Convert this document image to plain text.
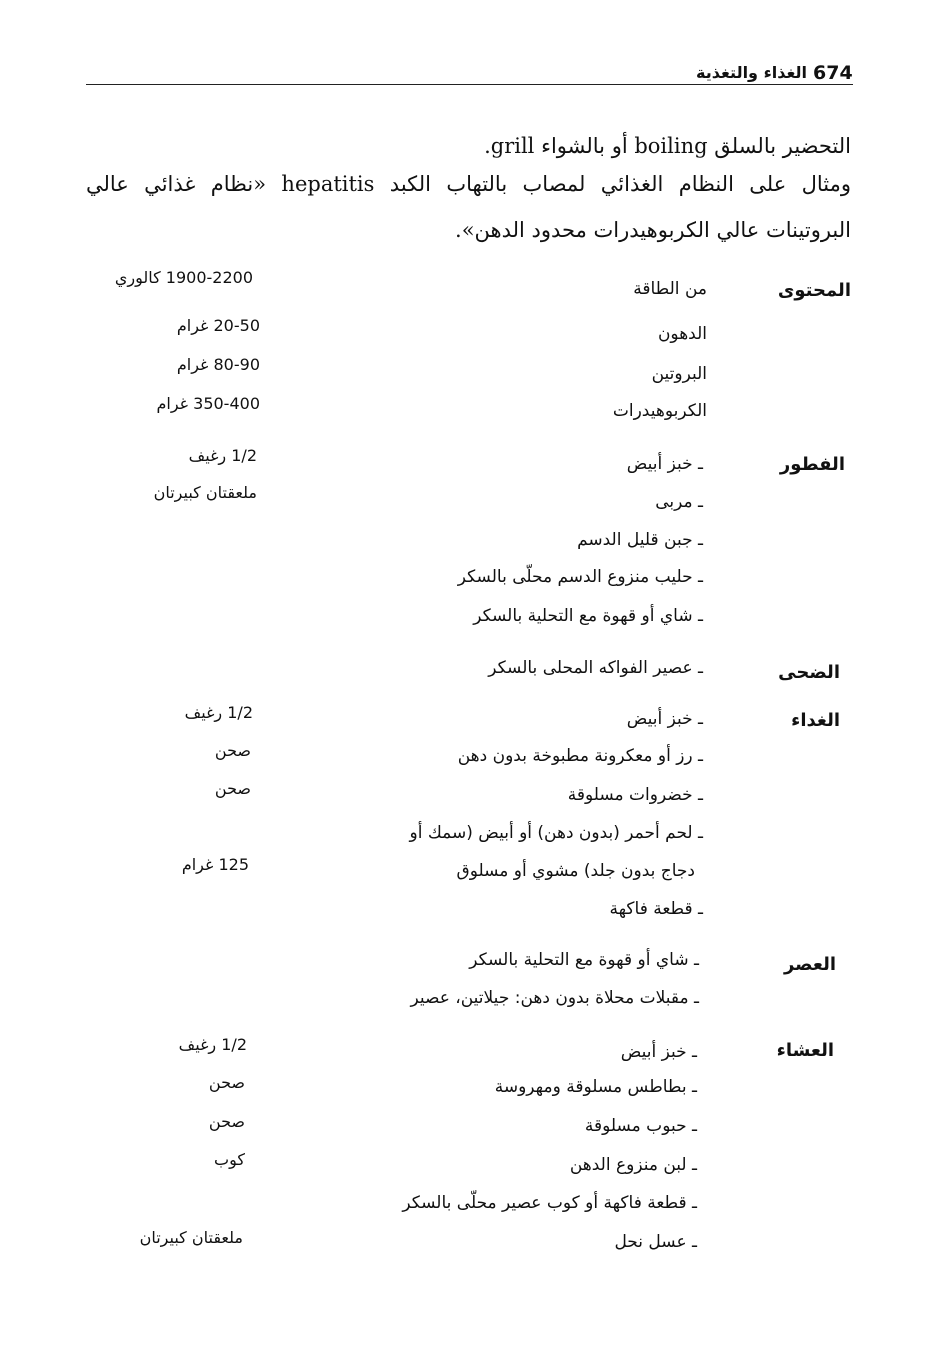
674
الغذاء والتغذية
التحضير بالسلق boiling أو بالشواء grill.
ومثال على النظام الغذائي لمصاب بالتهاب الكبد hepatitis «نظام غذائي عالي
البروتينات عالي الكربوهيدرات محدود الدهن».
المحتوى
الفطور
الضحى
الغداء
العصر
العشاء
من الطاقة
1900-2200 كالوري
الدهون
20-50 غرام
البروتين
80-90 غرام
الكربوهيدرات
350-400 غرام
ـ خبز أبيض
1/2 رغيف
ـ مربى
ملعقتان كبيرتان
ـ جبن قليل الدسم
ـ حليب منزوع الدسم محلّى بالسكر
ـ شاي أو قهوة مع التحلية بالسكر
ـ عصير الفواكه المحلى بالسكر
ـ خبز أبيض
1/2 رغيف
ـ رز أو معكرونة مطبوخة بدون دهن
صحن
ـ خضروات مسلوقة
صحن
ـ لحم أحمر (بدون دهن) أو أبيض (سمك أو
دجاج بدون جلد) مشوي أو مسلوق
125 غرام
ـ قطعة فاكهة
ـ شاي أو قهوة مع التحلية بالسكر
ـ مقبلات محلاة بدون دهن: جيلاتين، عصير
ـ خبز أبيض
1/2 رغيف
ـ بطاطس مسلوقة ومهروسة
صحن
ـ حبوب مسلوقة
صحن
ـ لبن منزوع الدهن
كوب
ـ قطعة فاكهة أو كوب عصير محلّى بالسكر
ـ عسل نحل
ملعقتان كبيرتان
